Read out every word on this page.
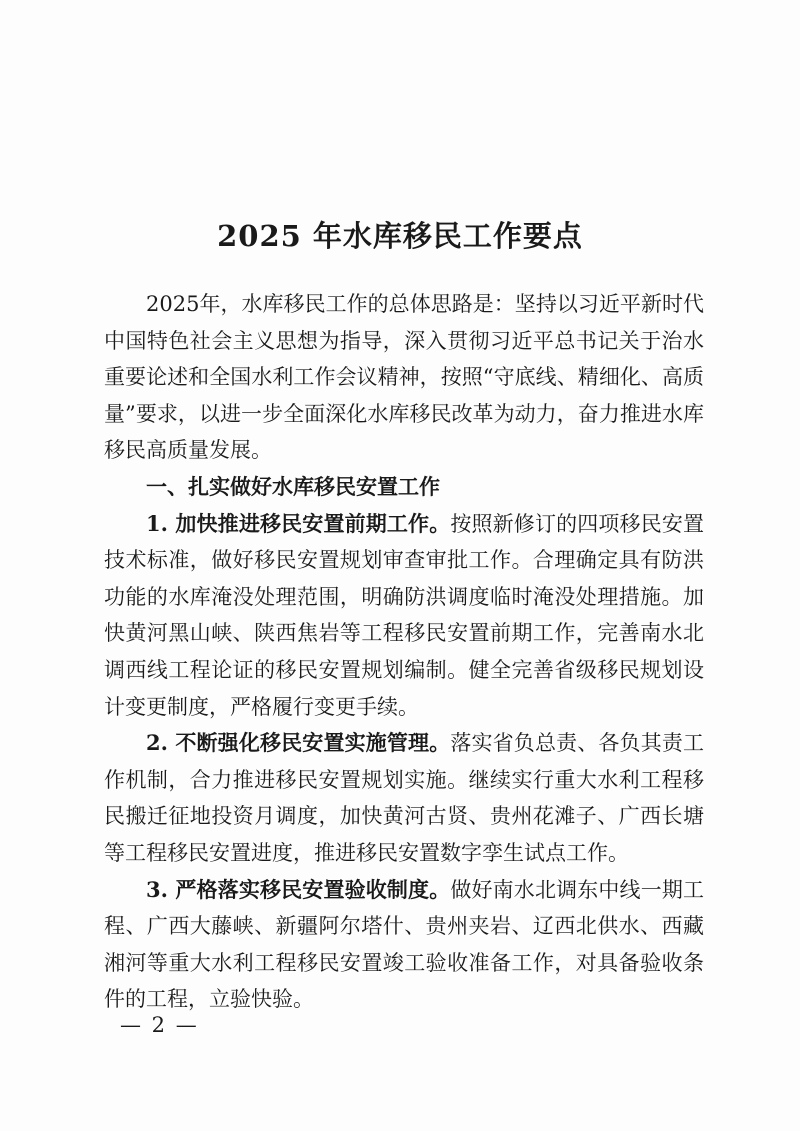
2025 年水库移民工作要点

2025年，水库移民工作的总体思路是：坚持以习近平新时代中国特色社会主义思想为指导，深入贯彻习近平总书记关于治水重要论述和全国水利工作会议精神，按照“守底线、精细化、高质量”要求，以进一步全面深化水库移民改革为动力，奋力推进水库移民高质量发展。

一、扎实做好水库移民安置工作

1. 加快推进移民安置前期工作。按照新修订的四项移民安置技术标准，做好移民安置规划审查审批工作。合理确定具有防洪功能的水库淹没处理范围，明确防洪调度临时淹没处理措施。加快黄河黑山峡、陕西焦岩等工程移民安置前期工作，完善南水北调西线工程论证的移民安置规划编制。健全完善省级移民规划设计变更制度，严格履行变更手续。

2. 不断强化移民安置实施管理。落实省负总责、各负其责工作机制，合力推进移民安置规划实施。继续实行重大水利工程移民搬迁征地投资月调度，加快黄河古贤、贵州花滩子、广西长塘等工程移民安置进度，推进移民安置数字孪生试点工作。

3. 严格落实移民安置验收制度。做好南水北调东中线一期工程、广西大藤峡、新疆阿尔塔什、贵州夹岩、辽西北供水、西藏湘河等重大水利工程移民安置竣工验收准备工作，对具备验收条件的工程，立验快验。

— 2 —
